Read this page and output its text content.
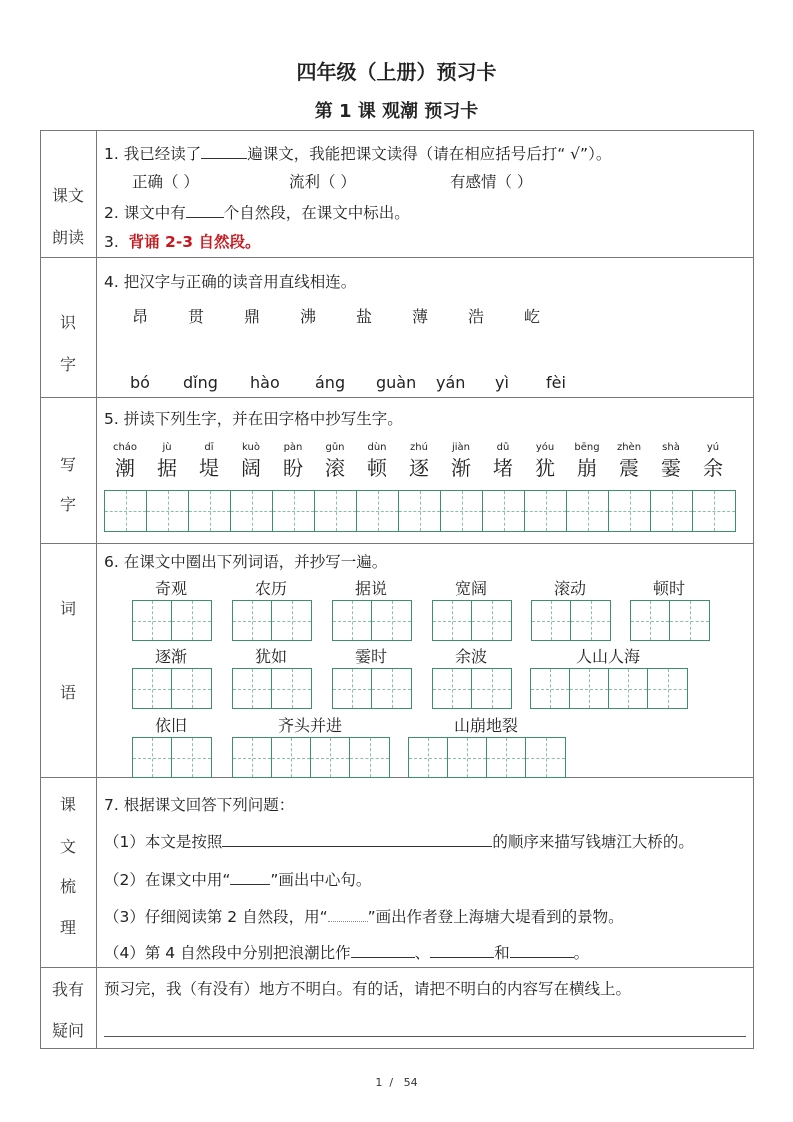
四年级（上册）预习卡
第 1 课 观潮 预习卡
课文
朗读
1. 我已经读了	遍课文，我能把课文读得（请在相应括号后打“ √”）。
正确（ ）	流利（ ）	有感情（ ）
2. 课文中有 个自然段，在课文中标出。
3. 背诵 2-3 自然段。
识
字
4. 把汉字与正确的读音用直线相连。
昂 贯 鼎 沸 盐 薄 浩 屹
bó dǐng hào áng guàn yán yì fèi
写
字
5. 拼读下列生字，并在田字格中抄写生字。
cháo
潮
jù
据
dī
堤
kuò
阔
pàn
盼
gǔn
滚
dùn
顿
zhú
逐
jiàn
渐
dǔ
堵
yóu
犹
bēng
崩
zhèn
震
shà
霎
yú
余
词
语
6. 在课文中圈出下列词语，并抄写一遍。
奇观	农历	据说	宽阔	滚动	顿时
逐渐	犹如	霎时	余波	人山人海
依旧	齐头并进	山崩地裂
课
文
梳
理
7. 根据课文回答下列问题：
（1）本文是按照	的顺序来描写钱塘江大桥的。
（2）在课文中用“	”画出中心句。
（3）仔细阅读第 2 自然段，用“	”画出作者登上海塘大堤看到的景物。
（4）第 4 自然段中分别把浪潮比作	、	和	。
我有
疑问
预习完，我（有没有）地方不明白。有的话，请把不明白的内容写在横线上。
1 / 54
